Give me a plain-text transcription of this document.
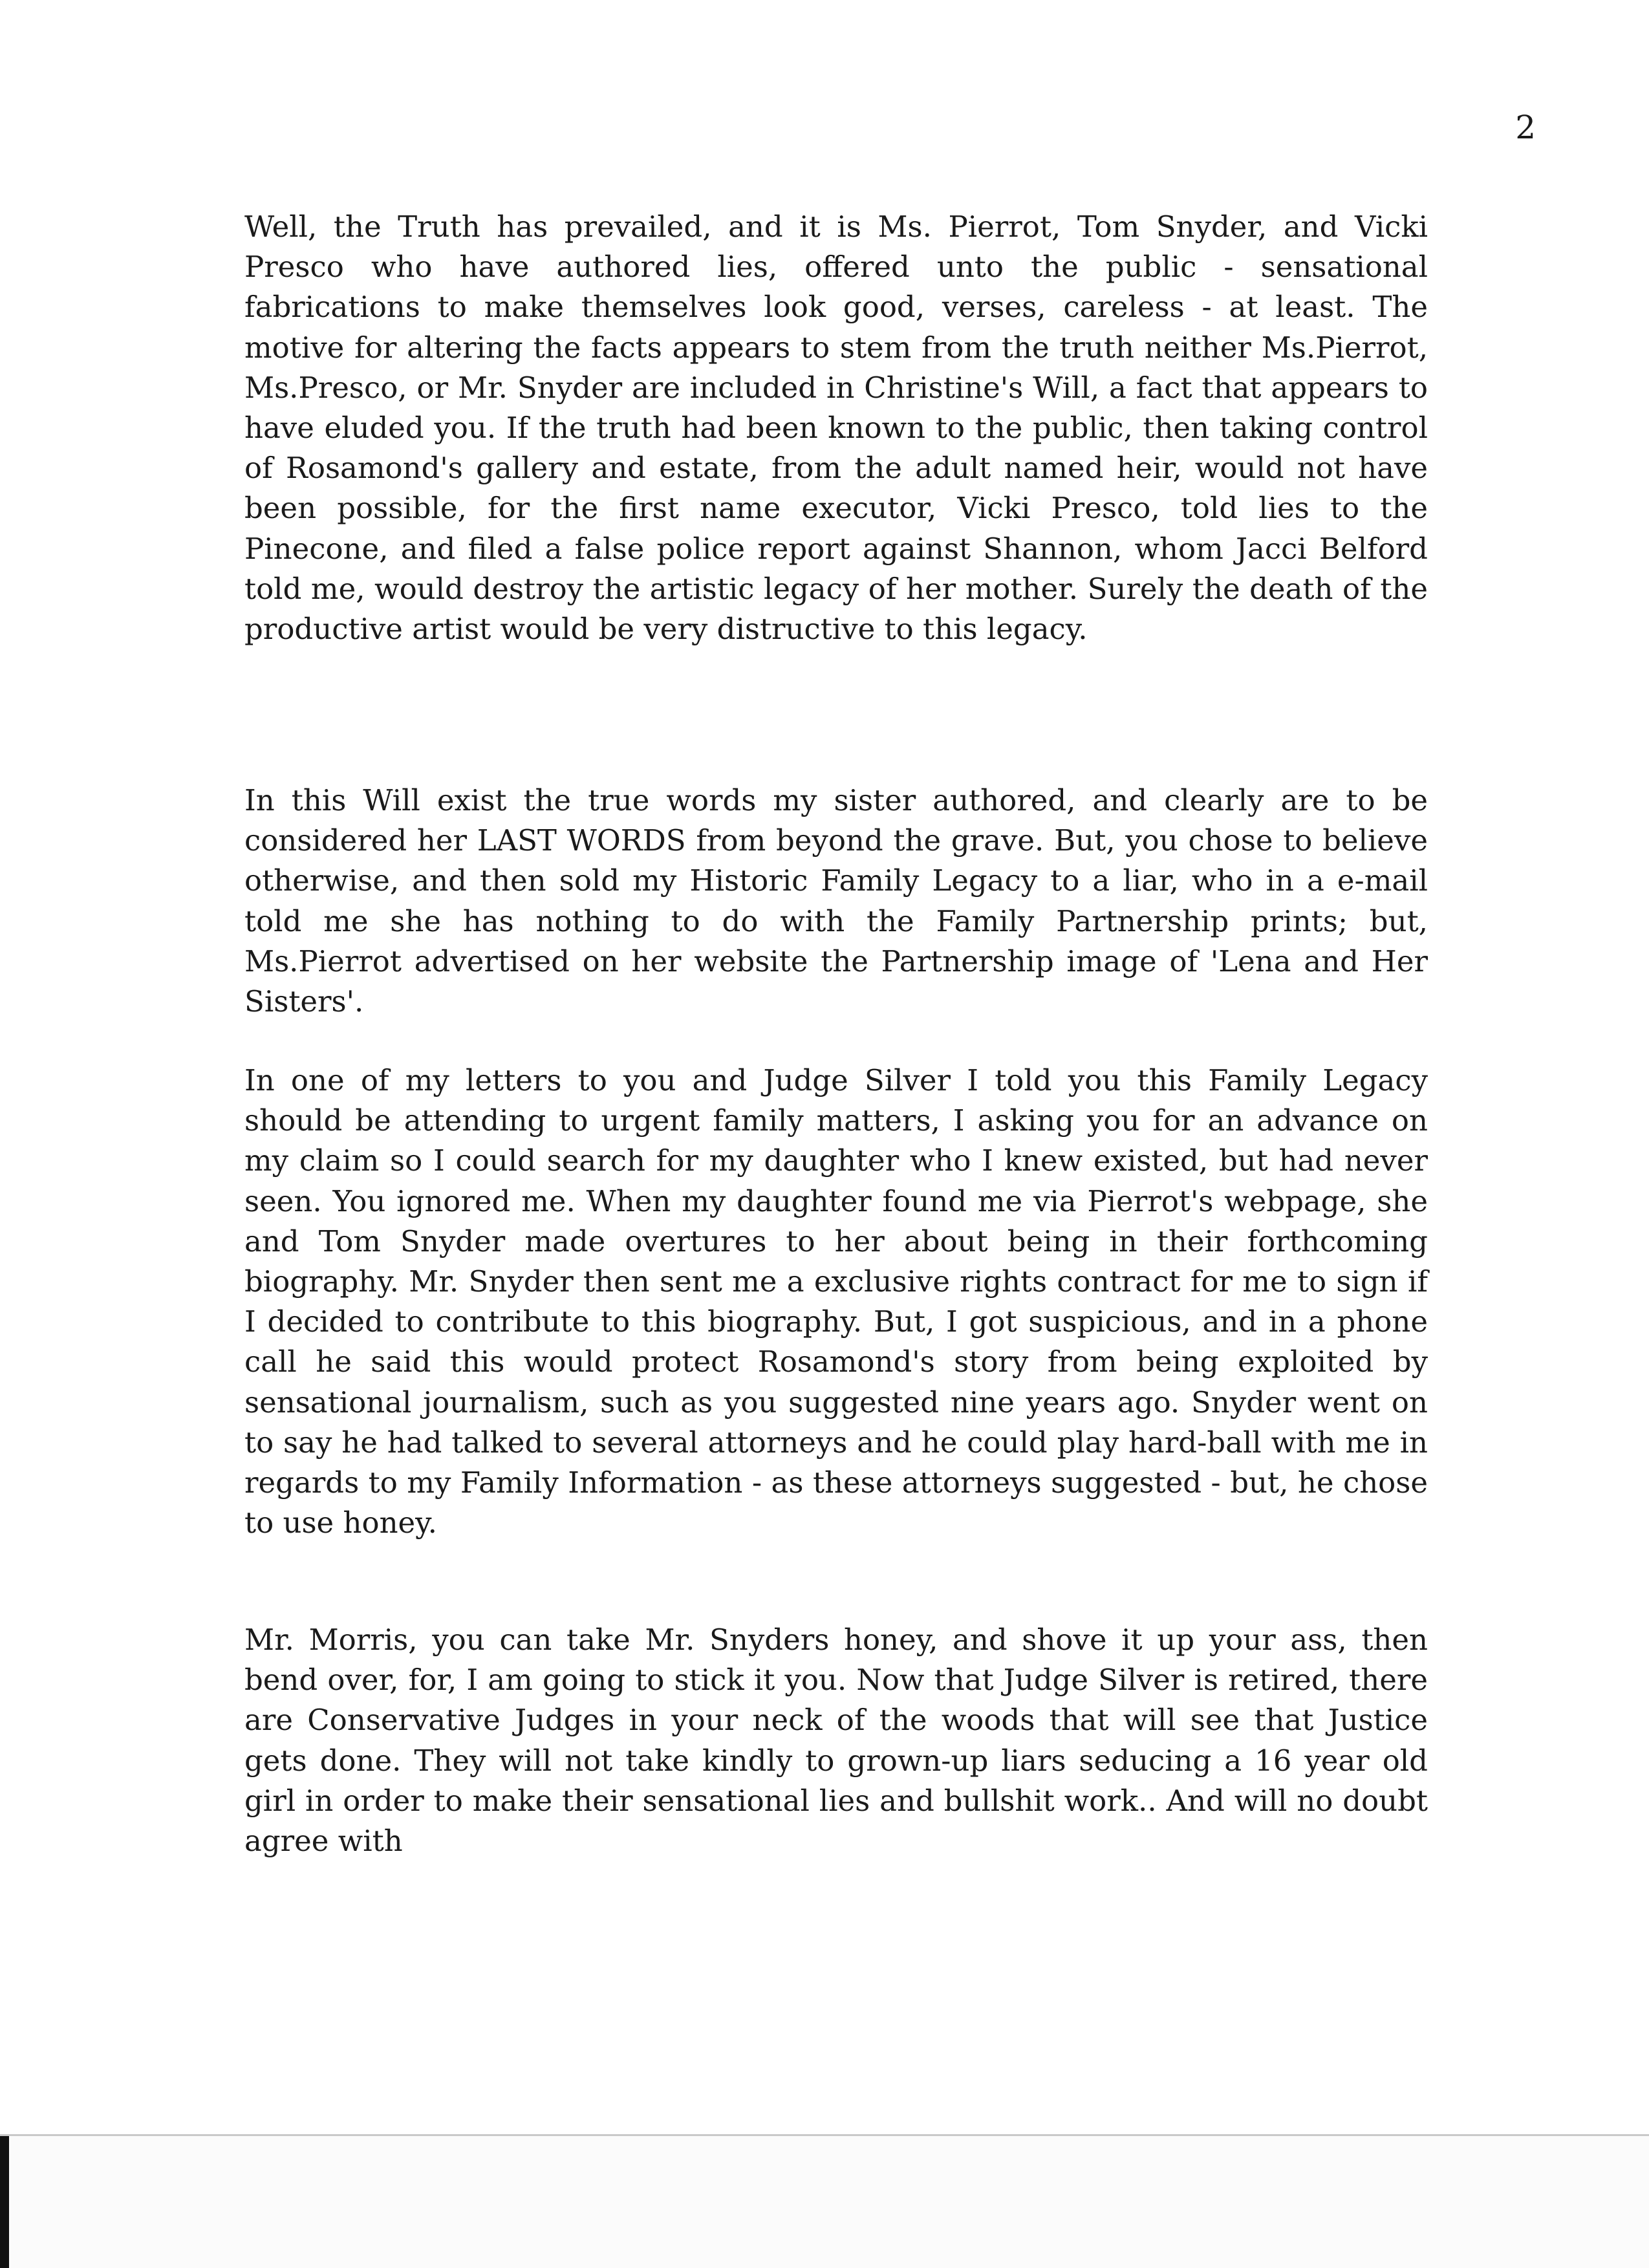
2

Well, the Truth has prevailed, and it is Ms. Pierrot, Tom Snyder, and Vicki Presco who have authored lies, offered unto the public - sensational fabrications to make themselves look good, verses, careless - at least. The motive for altering the facts appears to stem from the truth neither Ms.Pierrot, Ms.Presco, or Mr. Snyder are included in Christine's Will, a fact that appears to have eluded you. If the truth had been known to the public, then taking control of Rosamond's gallery and estate, from the adult named heir, would not have been possible, for the first name executor, Vicki Presco, told lies to the Pinecone, and filed a false police report against Shannon, whom Jacci Belford told me, would destroy the artistic legacy of her mother. Surely the death of the productive artist would be very distructive to this legacy.

In this Will exist the true words my sister authored, and clearly are to be considered her LAST WORDS from beyond the grave. But, you chose to believe otherwise, and then sold my Historic Family Legacy to a liar, who in a e-mail told me she has nothing to do with the Family Partnership prints; but, Ms.Pierrot advertised on her website the Partnership image of 'Lena and Her Sisters'.

In one of my letters to you and Judge Silver I told you this Family Legacy should be attending to urgent family matters, I asking you for an advance on my claim so I could search for my daughter who I knew existed, but had never seen. You ignored me. When my daughter found me via Pierrot's webpage, she and Tom Snyder made overtures to her about being in their forthcoming biography. Mr. Snyder then sent me a exclusive rights contract for me to sign if I decided to contribute to this biography. But, I got suspicious, and in a phone call he said this would protect Rosamond's story from being exploited by sensational journalism, such as you suggested nine years ago. Snyder went on to say he had talked to several attorneys and he could play hard-ball with me in regards to my Family Information - as these attorneys suggested - but, he chose to use honey.

Mr. Morris, you can take Mr. Snyders honey, and shove it up your ass, then bend over, for, I am going to stick it you. Now that Judge Silver is retired, there are Conservative Judges in your neck of the woods that will see that Justice gets done. They will not take kindly to grown-up liars seducing a 16 year old girl in order to make their sensational lies and bullshit work.. And will no doubt agree with
